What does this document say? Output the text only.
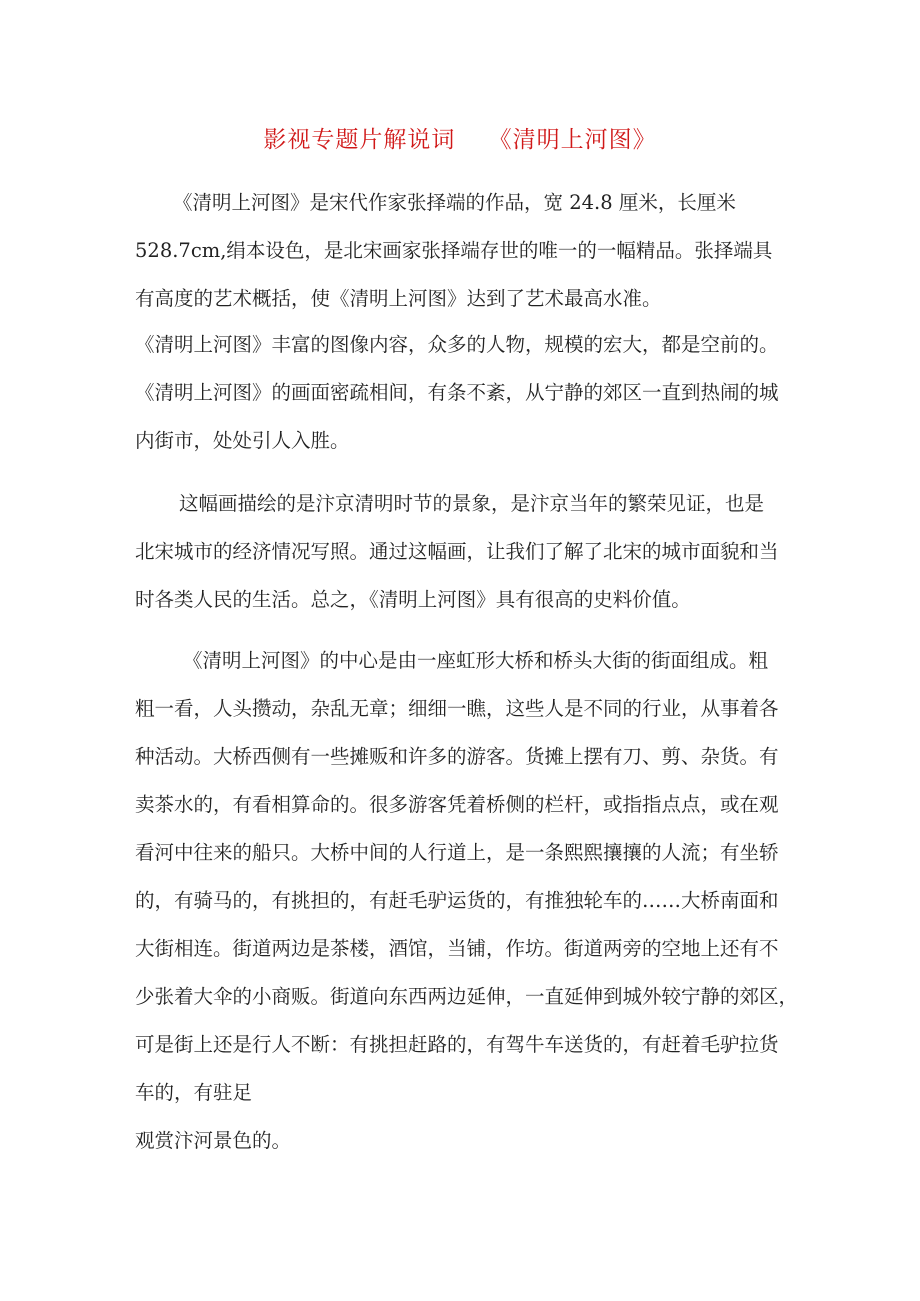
影视专题片解说词    《清明上河图》
《清明上河图》是宋代作家张择端的作品，宽 24.8 厘米，长厘米
528.7cm,绢本设色，是北宋画家张择端存世的唯一的一幅精品。张择端具
有高度的艺术概括，使《清明上河图》达到了艺术最高水准。
《清明上河图》丰富的图像内容，众多的人物，规模的宏大，都是空前的。
《清明上河图》的画面密疏相间，有条不紊，从宁静的郊区一直到热闹的城
内街市，处处引人入胜。
这幅画描绘的是汴京清明时节的景象，是汴京当年的繁荣见证，也是
北宋城市的经济情况写照。通过这幅画，让我们了解了北宋的城市面貌和当
时各类人民的生活。总之，《清明上河图》具有很高的史料价值。
《清明上河图》的中心是由一座虹形大桥和桥头大街的街面组成。粗
粗一看，人头攒动，杂乱无章；细细一瞧，这些人是不同的行业，从事着各
种活动。大桥西侧有一些摊贩和许多的游客。货摊上摆有刀、剪、杂货。有
卖茶水的，有看相算命的。很多游客凭着桥侧的栏杆，或指指点点，或在观
看河中往来的船只。大桥中间的人行道上，是一条熙熙攘攘的人流；有坐轿
的，有骑马的，有挑担的，有赶毛驴运货的，有推独轮车的……大桥南面和
大街相连。街道两边是茶楼，酒馆，当铺，作坊。街道两旁的空地上还有不
少张着大伞的小商贩。街道向东西两边延伸，一直延伸到城外较宁静的郊区，
可是街上还是行人不断：有挑担赶路的，有驾牛车送货的，有赶着毛驴拉货
车的，有驻足
观赏汴河景色的。
